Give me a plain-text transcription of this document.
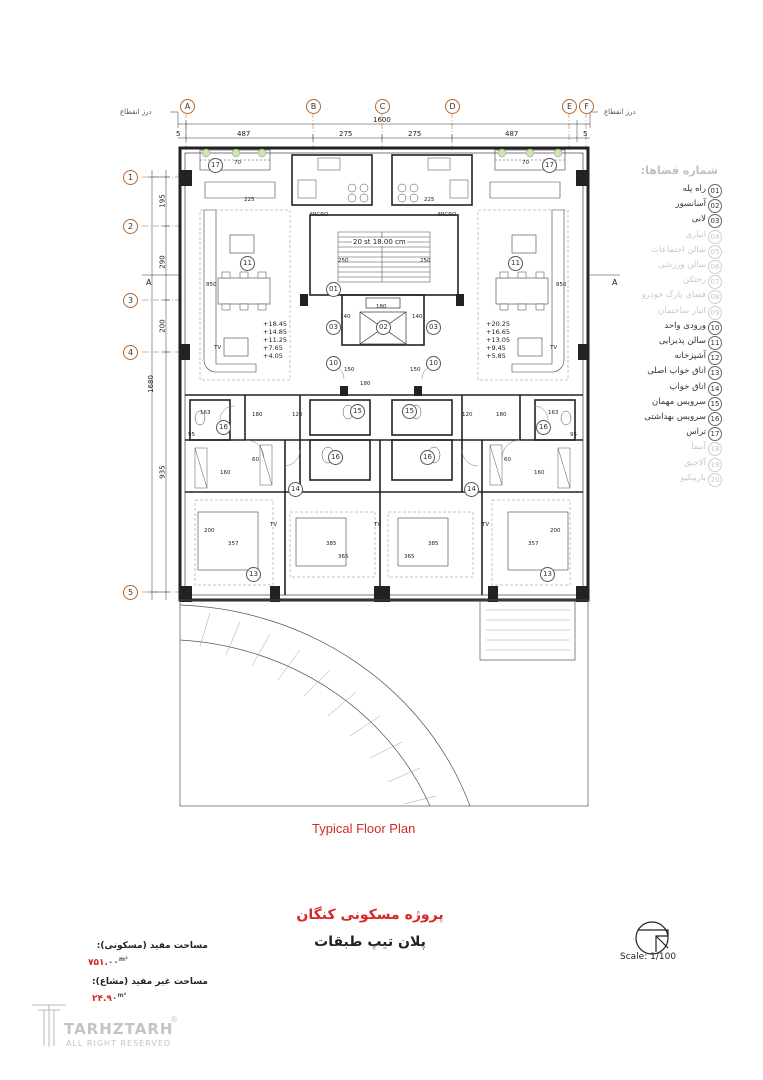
A	B	C	D	E	F
1
2
3
4
5
درز انقطاع	درز انقطاع
1600
487	275	275	487
5	5
1680
195
290
200
935
A	A
20 st 18.00 cm
+18.45
+14.85
+11.25
+7.65
+4.05
+20.25
+16.65
+13.05
+9.45
+5.85
17	17
11	11
01
02
03	03
10	10
15	15
16	16
16	16
14	14
13	13
MICRO	MICRO
225	225
850	850
180
180
180	180
120	120
140	140
150	150
250	250
357	357
385	385
365	365
163	163
70	70
95	95
160	160
200	200
60	60
TV	TV	TV
TV	TV
شماره فضاها:
01
راه پله
02
آسانسور
03
لابی
04
انباری
05
سالن اجتماعات
06
سالن ورزشی
07
رختکن
08
فضای پارک خودرو
09
انبار ساختمان
10
ورودی واحد
11
سالن پذیرایی
12
آشپزخانه
13
اتاق خواب اصلی
14
اتاق خواب
15
سرویس مهمان
16
سرویس بهداشتی
17
تراس
18
آبنما
19
آلاچیق
20
باربیکیو
Typical Floor Plan
پروژه مسکونی کنگان
پلان تیپ طبقات
Scale: 1/100
مساحت مفید (مسکونی):
$۷۵۱.۰۰^{m^2}$
مساحت غیر مفید (مشاع):
$۲۴.۹۰^{m^2}$
TARHZTARH
®
ALL RIGHT RESERVED
